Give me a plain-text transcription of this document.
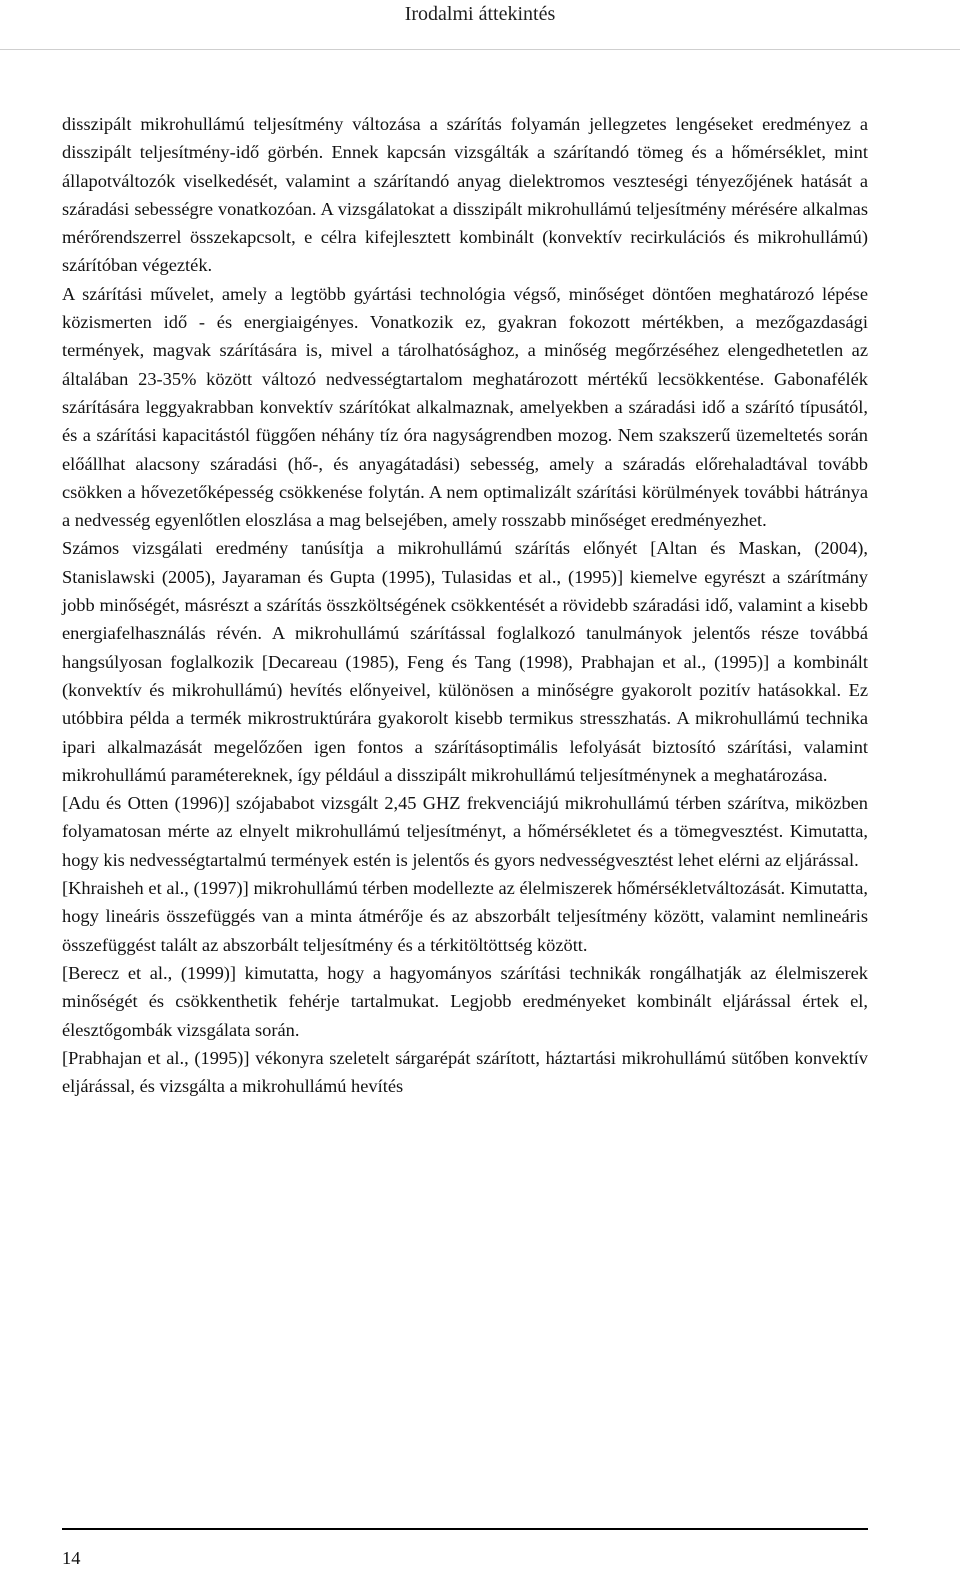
Irodalmi áttekintés

disszipált mikrohullámú teljesítmény változása a szárítás folyamán jellegzetes lengéseket eredményez a disszipált teljesítmény-idő görbén. Ennek kapcsán vizsgálták a szárítandó tömeg és a hőmérséklet, mint állapotváltozók viselkedését, valamint a szárítandó anyag dielektromos veszteségi tényezőjének hatását a száradási sebességre vonatkozóan. A vizsgálatokat a disszipált mikrohullámú teljesítmény mérésére alkalmas mérőrendszerrel összekapcsolt, e célra kifejlesztett kombinált (konvektív recirkulációs és mikrohullámú) szárítóban végezték.

A szárítási művelet, amely a legtöbb gyártási technológia végső, minőséget döntően meghatározó lépése közismerten idő - és energiaigényes. Vonatkozik ez, gyakran fokozott mértékben, a mezőgazdasági termények, magvak szárítására is, mivel a tárolhatósághoz, a minőség megőrzéséhez elengedhetetlen az általában 23-35% között változó nedvességtartalom meghatározott mértékű lecsökkentése. Gabonafélék szárítására leggyakrabban konvektív szárítókat alkalmaznak, amelyekben a száradási idő a szárító típusától, és a szárítási kapacitástól függően néhány tíz óra nagyságrendben mozog. Nem szakszerű üzemeltetés során előállhat alacsony száradási (hő-, és anyagátadási) sebesség, amely a száradás előrehaladtával tovább csökken a hővezetőképesség csökkenése folytán. A nem optimalizált szárítási körülmények további hátránya a nedvesség egyenlőtlen eloszlása a mag belsejében, amely rosszabb minőséget eredményezhet.

Számos vizsgálati eredmény tanúsítja a mikrohullámú szárítás előnyét [Altan és Maskan, (2004), Stanislawski (2005), Jayaraman és Gupta (1995), Tulasidas et al., (1995)] kiemelve egyrészt a szárítmány jobb minőségét, másrészt a szárítás összköltségének csökkentését a rövidebb száradási idő, valamint a kisebb energiafelhasználás révén. A mikrohullámú szárítással foglalkozó tanulmányok jelentős része továbbá hangsúlyosan foglalkozik [Decareau (1985), Feng és Tang (1998), Prabhajan et al., (1995)] a kombinált (konvektív és mikrohullámú) hevítés előnyeivel, különösen a minőségre gyakorolt pozitív hatásokkal. Ez utóbbira példa a termék mikrostruktúrára gyakorolt kisebb termikus stresszhatás. A mikrohullámú technika ipari alkalmazását megelőzően igen fontos a szárításoptimális lefolyását biztosító szárítási, valamint mikrohullámú paramétereknek, így például a disszipált mikrohullámú teljesítménynek a meghatározása.

[Adu és Otten (1996)] szójababot vizsgált 2,45 GHZ frekvenciájú mikrohullámú térben szárítva, miközben folyamatosan mérte az elnyelt mikrohullámú teljesítményt, a hőmérsékletet és a tömegvesztést. Kimutatta, hogy kis nedvességtartalmú termények estén is jelentős és gyors nedvességvesztést lehet elérni az eljárással.

[Khraisheh et al., (1997)] mikrohullámú térben modellezte az élelmiszerek hőmérsékletváltozását. Kimutatta, hogy lineáris összefüggés van a minta átmérője és az abszorbált teljesítmény között, valamint nemlineáris összefüggést talált az abszorbált teljesítmény és a térkitöltöttség között.

[Berecz et al., (1999)] kimutatta, hogy a hagyományos szárítási technikák rongálhatják az élelmiszerek minőségét és csökkenthetik fehérje tartalmukat. Legjobb eredményeket kombinált eljárással értek el, élesztőgombák vizsgálata során.

[Prabhajan et al., (1995)] vékonyra szeletelt sárgarépát szárított, háztartási mikrohullámú sütőben konvektív eljárással, és vizsgálta a mikrohullámú hevítés

14
